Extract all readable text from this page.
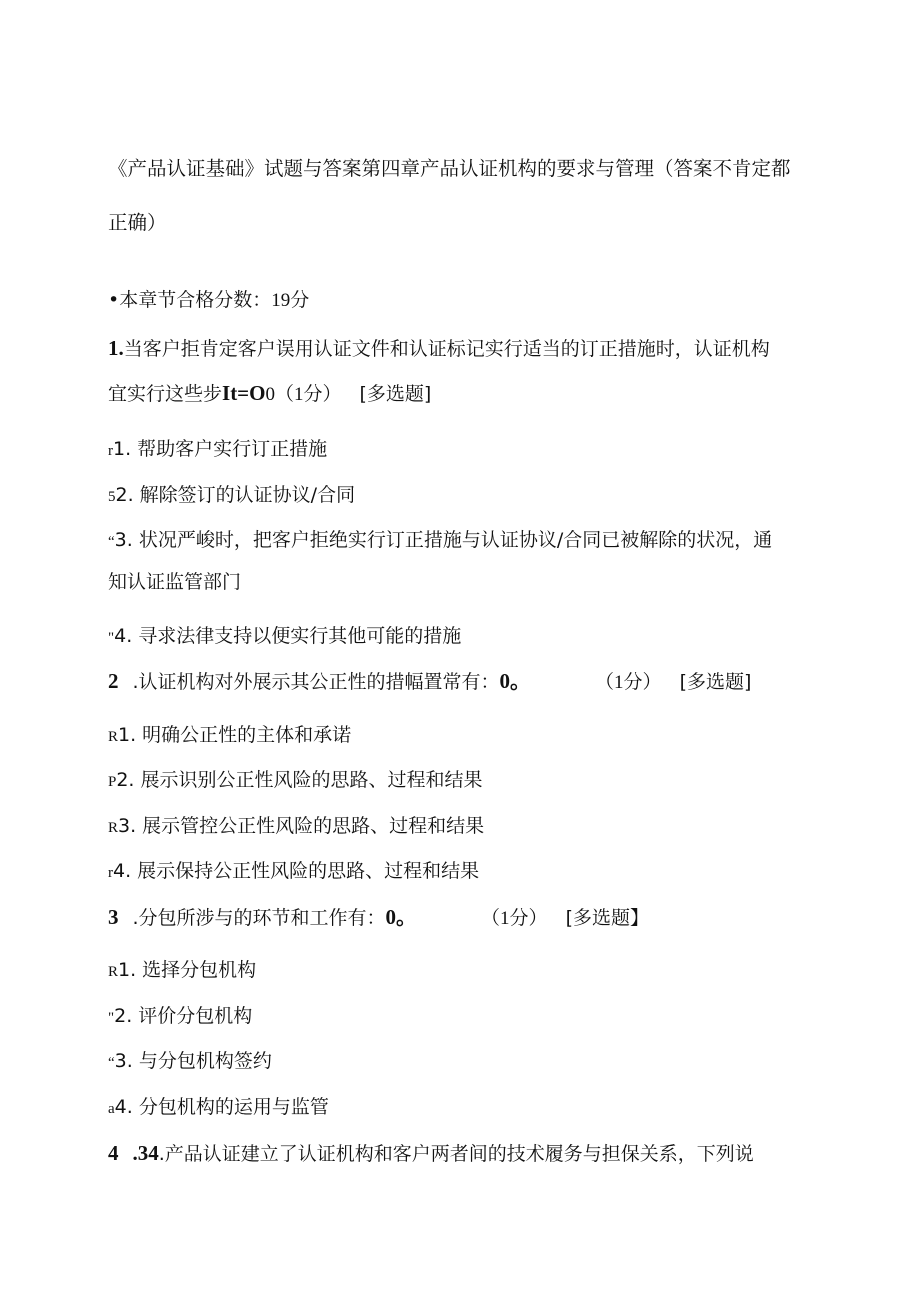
《产品认证基础》试题与答案第四章产品认证机构的要求与管理（答案不肯定都
正确）
•本章节合格分数：19分
1.当客户拒肯定客户误用认证文件和认证标记实行适当的订正措施时，认证机构
宜实行这些步It=O0（1分） [多选题]
r1. 帮助客户实行订正措施
52. 解除签订的认证协议/合同
“3. 状况严峻时，把客户拒绝实行订正措施与认证协议/合同已被解除的状况，通
知认证监管部门
"4. 寻求法律支持以便实行其他可能的措施
2 .认证机构对外展示其公正性的措幅置常有：0。	（1分） [多选题]
R1. 明确公正性的主体和承诺
P2. 展示识别公正性风险的思路、过程和结果
R3. 展示管控公正性风险的思路、过程和结果
r4. 展示保持公正性风险的思路、过程和结果
3 .分包所涉与的环节和工作有：0。	（1分） [多选题】
R1. 选择分包机构
"2. 评价分包机构
“3. 与分包机构签约
a4. 分包机构的运用与监管
4 .34.产品认证建立了认证机构和客户两者间的技术履务与担保关系，下列说
